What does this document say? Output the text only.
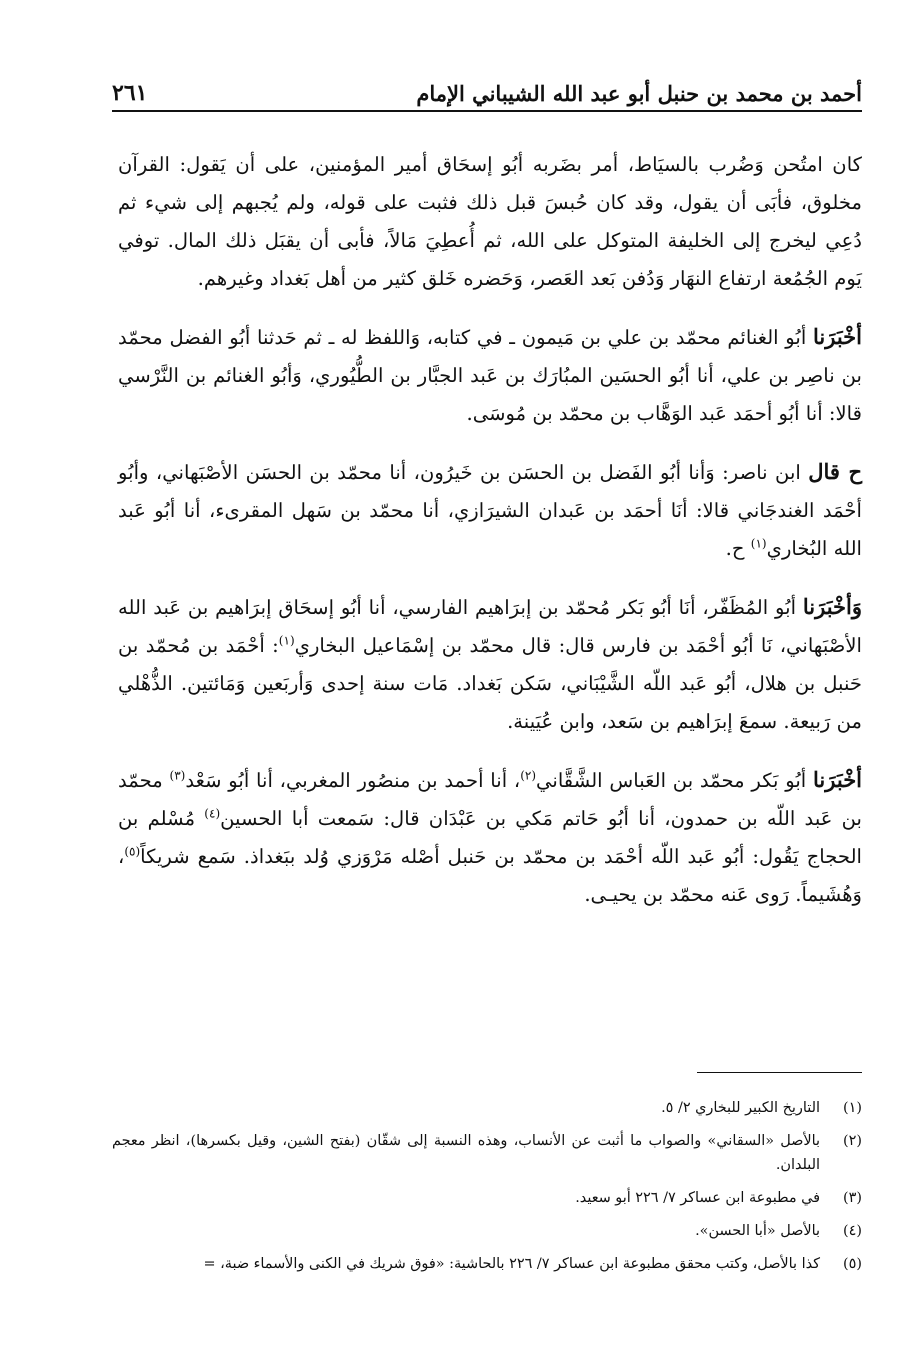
أحمد بن محمد بن حنبل أبو عبد الله الشيباني الإمام
٢٦١

كان امتُحن وَضُرب بالسيَاط، أمر بضَربه أبُو إسحَاق أمير المؤمنين، على أن يَقول: القرآن مخلوق، فأبَى أن يقول، وقد كان حُبسَ قبل ذلك فثبت على قوله، ولم يُجبهم إلى شيء ثم دُعِي ليخرج إلى الخليفة المتوكل على الله، ثم أُعطِيَ مَالاً، فأبى أن يقبَل ذلك المال. توفي يَوم الجُمُعة ارتفاع النهَار وَدُفن بَعد العَصر، وَحَضره خَلق كثير من أهل بَغداد وغيرهم.

أخْبَرَنا أبُو الغنائم محمّد بن علي بن مَيمون ـ في كتابه، وَاللفظ له ـ ثم حَدثنا أبُو الفضل محمّد بن ناصِر بن علي، أنا أبُو الحسَين المبُارَك بن عَبد الجبَّار بن الطُّيُوري، وَأبُو الغنائم بن النَّرْسي قالا: أنا أبُو أحمَد عَبد الوَهَّاب بن محمّد بن مُوسَى.

ح قال ابن ناصر: وَأنا أبُو الفَضل بن الحسَن بن خَيرُون، أنا محمّد بن الحسَن الأصْبَهاني، وأبُو أحْمَد الغندجَاني قالا: أنَا أحمَد بن عَبدان الشيرَازي، أنا محمّد بن سَهل المقرىء، أنا أبُو عَبد الله البُخاري$^{(١)}$ ح.

وَأخْبَرَنا أبُو المُظَفّر، أنَا أبُو بَكر مُحمّد بن إبرَاهيم الفارسي، أنا أبُو إسحَاق إبرَاهيم بن عَبد الله الأصْبَهاني، نَا أبُو أحْمَد بن فارس قال: قال محمّد بن إسْمَاعيل البخاري$^{(١)}$: أحْمَد بن مُحمّد بن حَنبل بن هلال، أبُو عَبد اللّه الشَّيْبَاني، سَكن بَغداد. مَات سنة إحدى وَأربَعين وَمَائتين. الذُّهْلي من رَبيعة. سمعَ إبرَاهيم بن سَعد، وابن عُيَينة.

أخْبَرَنا أبُو بَكر محمّد بن العَباس الشَّقَّاني$^{(٢)}$، أنا أحمد بن منصُور المغربي، أنا أبُو سَعْد$^{(٣)}$ محمّد بن عَبد اللّه بن حمدون، أنا أبُو حَاتم مَكي بن عَبْدَان قال: سَمعت أبا الحسين$^{(٤)}$ مُسْلم بن الحجاج يَقُول: أبُو عَبد اللّه أحْمَد بن محمّد بن حَنبل أصْله مَرْوَزي وُلد ببَغداذ. سَمع شريكاً$^{(٥)}$، وَهُشَيماً. رَوى عَنه محمّد بن يحيـى.

(١)
التاريخ الكبير للبخاري ٢/ ٥.
(٢)
بالأصل «السقاني» والصواب ما أثبت عن الأنساب، وهذه النسبة إلى شقّان (بفتح الشين، وقيل بكسرها)، انظر معجم البلدان.
(٣)
في مطبوعة ابن عساكر ٧/ ٢٢٦ أبو سعيد.
(٤)
بالأصل «أبا الحسن».
(٥)
كذا بالأصل، وكتب محقق مطبوعة ابن عساكر ٧/ ٢٢٦ بالحاشية: «فوق شريك في الكنى والأسماء ضبة، =
